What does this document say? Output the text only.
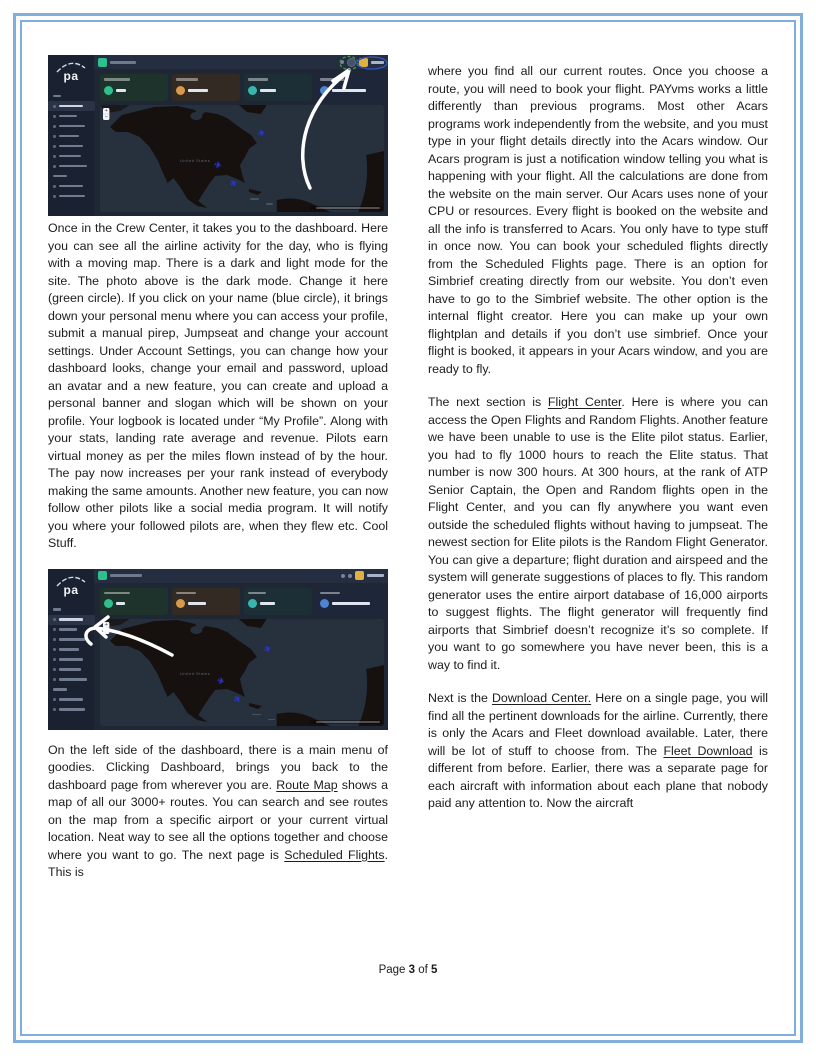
pa
+
−
United States
✈
✈
✈

Once in the Crew Center, it takes you to the dashboard. Here you can see all the airline activity for the day, who is flying with a moving map. There is a dark and light mode for the site. The photo above is the dark mode. Change it here (green circle). If you click on your name (blue circle), it brings down your personal menu where you can access your profile, submit a manual pirep, Jumpseat and change your account settings. Under Account Settings, you can change how your dashboard looks, change your email and password, upload an avatar and a new feature, you can create and upload a personal banner and slogan which will be shown on your profile. Your logbook is located under “My Profile”. Along with your stats, landing rate average and revenue. Pilots earn virtual money as per the miles flown instead of by the hour. The pay now increases per your rank instead of everybody making the same amounts. Another new feature, you can now follow other pilots like a social media program. It will notify you where your followed pilots are, when they flew etc. Cool Stuff.

pa
+
−
United States
✈
✈
✈

On the left side of the dashboard, there is a main menu of goodies. Clicking Dashboard, brings you back to the dashboard page from wherever you are. Route Map shows a map of all our 3000+ routes. You can search and see routes on the map from a specific airport or your current virtual location. Neat way to see all the options together and choose where you want to go. The next page is Scheduled Flights. This is

where you find all our current routes. Once you choose a route, you will need to book your flight. PAYvms works a little differently than previous programs. Most other Acars programs work independently from the website, and you must type in your flight details directly into the Acars window. Our Acars program is just a notification window telling you what is happening with your flight. All the calculations are done from the website on the main server. Our Acars uses none of your CPU or resources. Every flight is booked on the website and all the info is transferred to Acars. You only have to type stuff in once now. You can book your scheduled flights directly from the Scheduled Flights page. There is an option for Simbrief creating directly from our website. You don’t even have to go to the Simbrief website. The other option is the internal flight creator. Here you can make up your own flightplan and details if you don’t use simbrief. Once your flight is booked, it appears in your Acars window, and you are ready to fly.

The next section is Flight Center. Here is where you can access the Open Flights and Random Flights. Another feature we have been unable to use is the Elite pilot status. Earlier, you had to fly 1000 hours to reach the Elite status. That number is now 300 hours. At 300 hours, at the rank of ATP Senior Captain, the Open and Random flights open in the Flight Center, and you can fly anywhere you want even outside the scheduled flights without having to jumpseat. The newest section for Elite pilots is the Random Flight Generator. You can give a departure; flight duration and airspeed and the system will generate suggestions of places to fly. This random generator uses the entire airport database of 16,000 airports to suggest flights. The flight generator will frequently find airports that Simbrief doesn’t recognize it’s so complete. If you want to go somewhere you have never been, this is a way to find it.

Next is the Download Center. Here on a single page, you will find all the pertinent downloads for the airline. Currently, there is only the Acars and Fleet download available. Later, there will be lot of stuff to choose from. The Fleet Download is different from before. Earlier, there was a separate page for each aircraft with information about each plane that nobody paid any attention to. Now the aircraft

Page 3 of 5
